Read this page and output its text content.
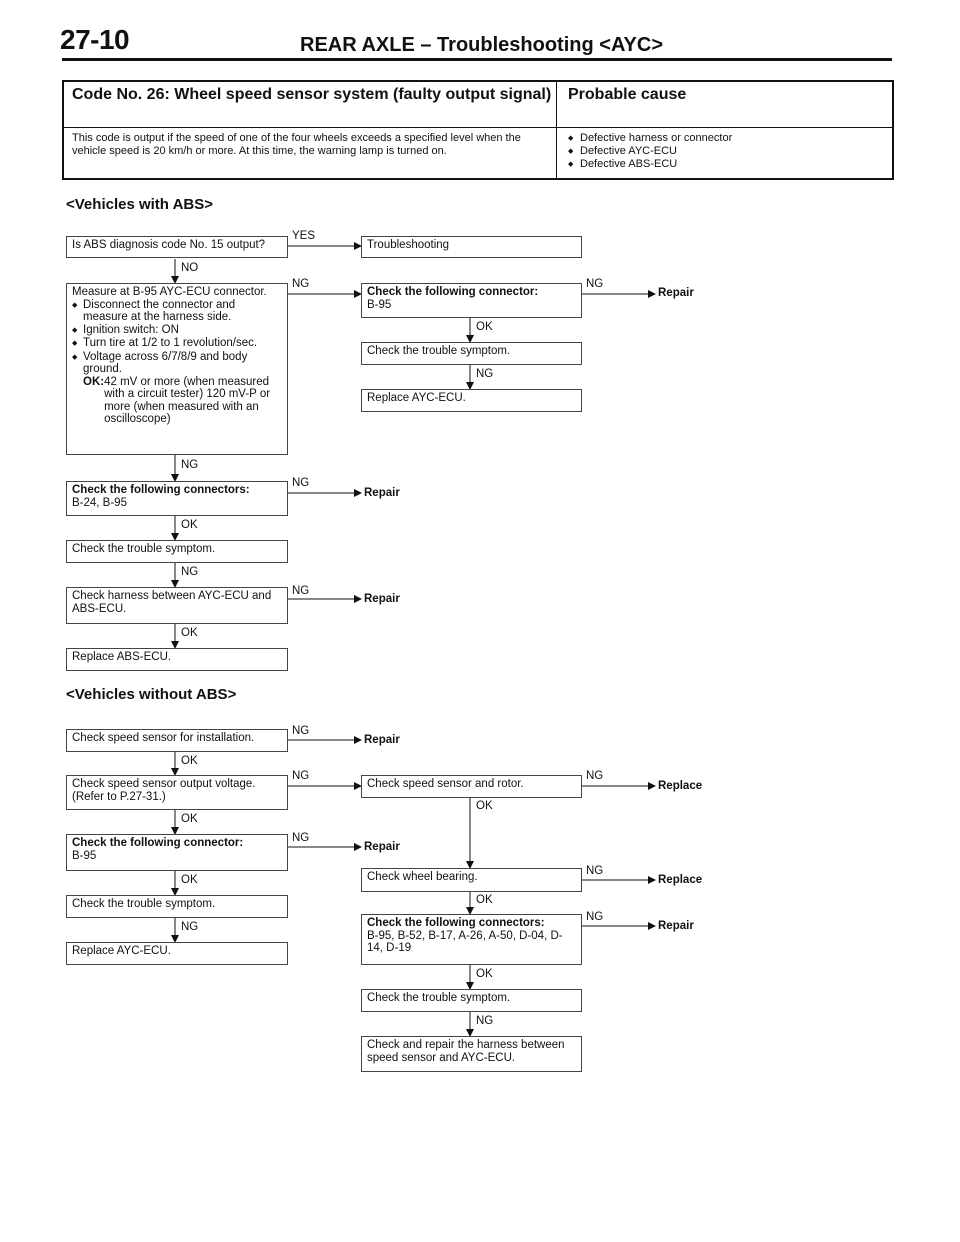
27-10	REAR AXLE – Troubleshooting <AYC>
Code No. 26: Wheel speed sensor system (faulty output signal) Probable cause
This code is output if the speed of one of the four wheels exceeds a specified level when the vehicle speed is 20 km/h or more. At this time, the warning lamp is turned on.
◆ Defective harness or connector
◆ Defective AYC-ECU
◆ Defective ABS-ECU
<Vehicles with ABS>
Is ABS diagnosis code No. 15 output?
YES
Troubleshooting
NO
Measure at B-95 AYC-ECU connector.
◆
Disconnect the connector and measure at the harness side.
◆
Ignition switch: ON
◆
Turn tire at 1/2 to 1 revolution/sec.
◆
Voltage across 6/7/8/9 and body ground.
OK: 42 mV or more (when measured with a circuit tester) 120 mV-P or more (when measured with an oscilloscope)
NG
Check the following connector:
B-95
NG
Repair
OK
Check the trouble symptom.
NG
Replace AYC-ECU.
NG
Check the following connectors:
B-24, B-95
NG
Repair
OK
Check the trouble symptom.
NG
Check harness between AYC-ECU and ABS-ECU.
NG
Repair
OK
Replace ABS-ECU.
<Vehicles without ABS>
Check speed sensor for installation.
NG
Repair
OK
Check speed sensor output voltage. (Refer to P.27-31.)
NG
Check speed sensor and rotor.
NG
Replace
OK
OK
Check the following connector:
B-95
NG
Repair
Check wheel bearing.	NG
Replace
OK
Check the trouble symptom.	OK
NG
Replace AYC-ECU.
Check the following connectors:
B-95, B-52, B-17, A-26, A-50, D-04, D-14, D-19
NG
Repair
OK
Check the trouble symptom.
NG
Check and repair the harness between speed sensor and AYC-ECU.
